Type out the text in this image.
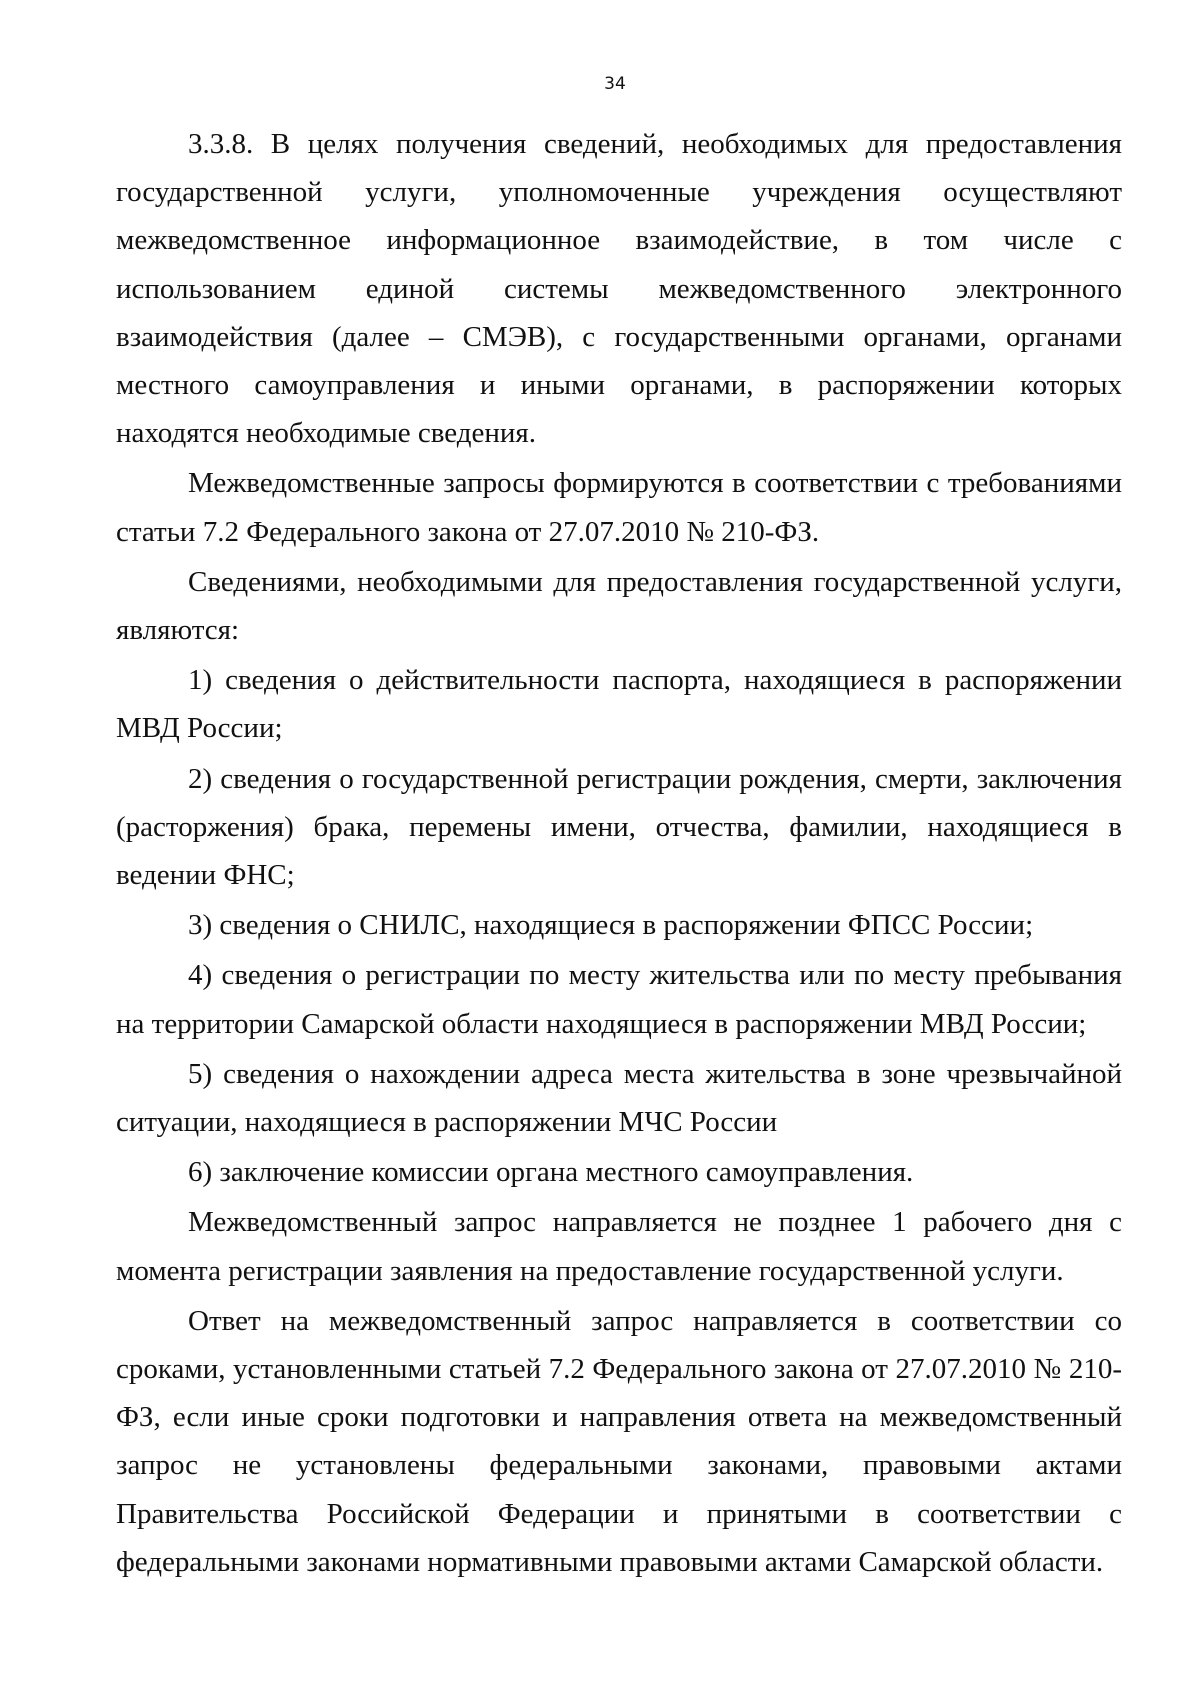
34

3.3.8. В целях получения сведений, необходимых для предоставления государственной услуги, уполномоченные учреждения осуществляют межведомственное информационное взаимодействие, в том числе с использованием единой системы межведомственного электронного взаимодействия (далее – СМЭВ), с государственными органами, органами местного самоуправления и иными органами, в распоряжении которых находятся необходимые сведения.

Межведомственные запросы формируются в соответствии с требованиями статьи 7.2 Федерального закона от 27.07.2010 № 210-ФЗ.

Сведениями, необходимыми для предоставления государственной услуги, являются:

1) сведения о действительности паспорта, находящиеся в распоряжении МВД России;

2) сведения о государственной регистрации рождения, смерти, заключения (расторжения) брака, перемены имени, отчества, фамилии, находящиеся в ведении ФНС;

3) сведения о СНИЛС, находящиеся в распоряжении ФПСС России;

4) сведения о регистрации по месту жительства или по месту пребывания на территории Самарской области находящиеся в распоряжении МВД России;

5) сведения о нахождении адреса места жительства в зоне чрезвычайной ситуации, находящиеся в распоряжении МЧС России

6) заключение комиссии органа местного самоуправления.

Межведомственный запрос направляется не позднее 1 рабочего дня с момента регистрации заявления на предоставление государственной услуги.

Ответ на межведомственный запрос направляется в соответствии со сроками, установленными статьей 7.2 Федерального закона от 27.07.2010 № 210-ФЗ, если иные сроки подготовки и направления ответа на межведомственный запрос не установлены федеральными законами, правовыми актами Правительства Российской Федерации и принятыми в соответствии с федеральными законами нормативными правовыми актами Самарской области.
